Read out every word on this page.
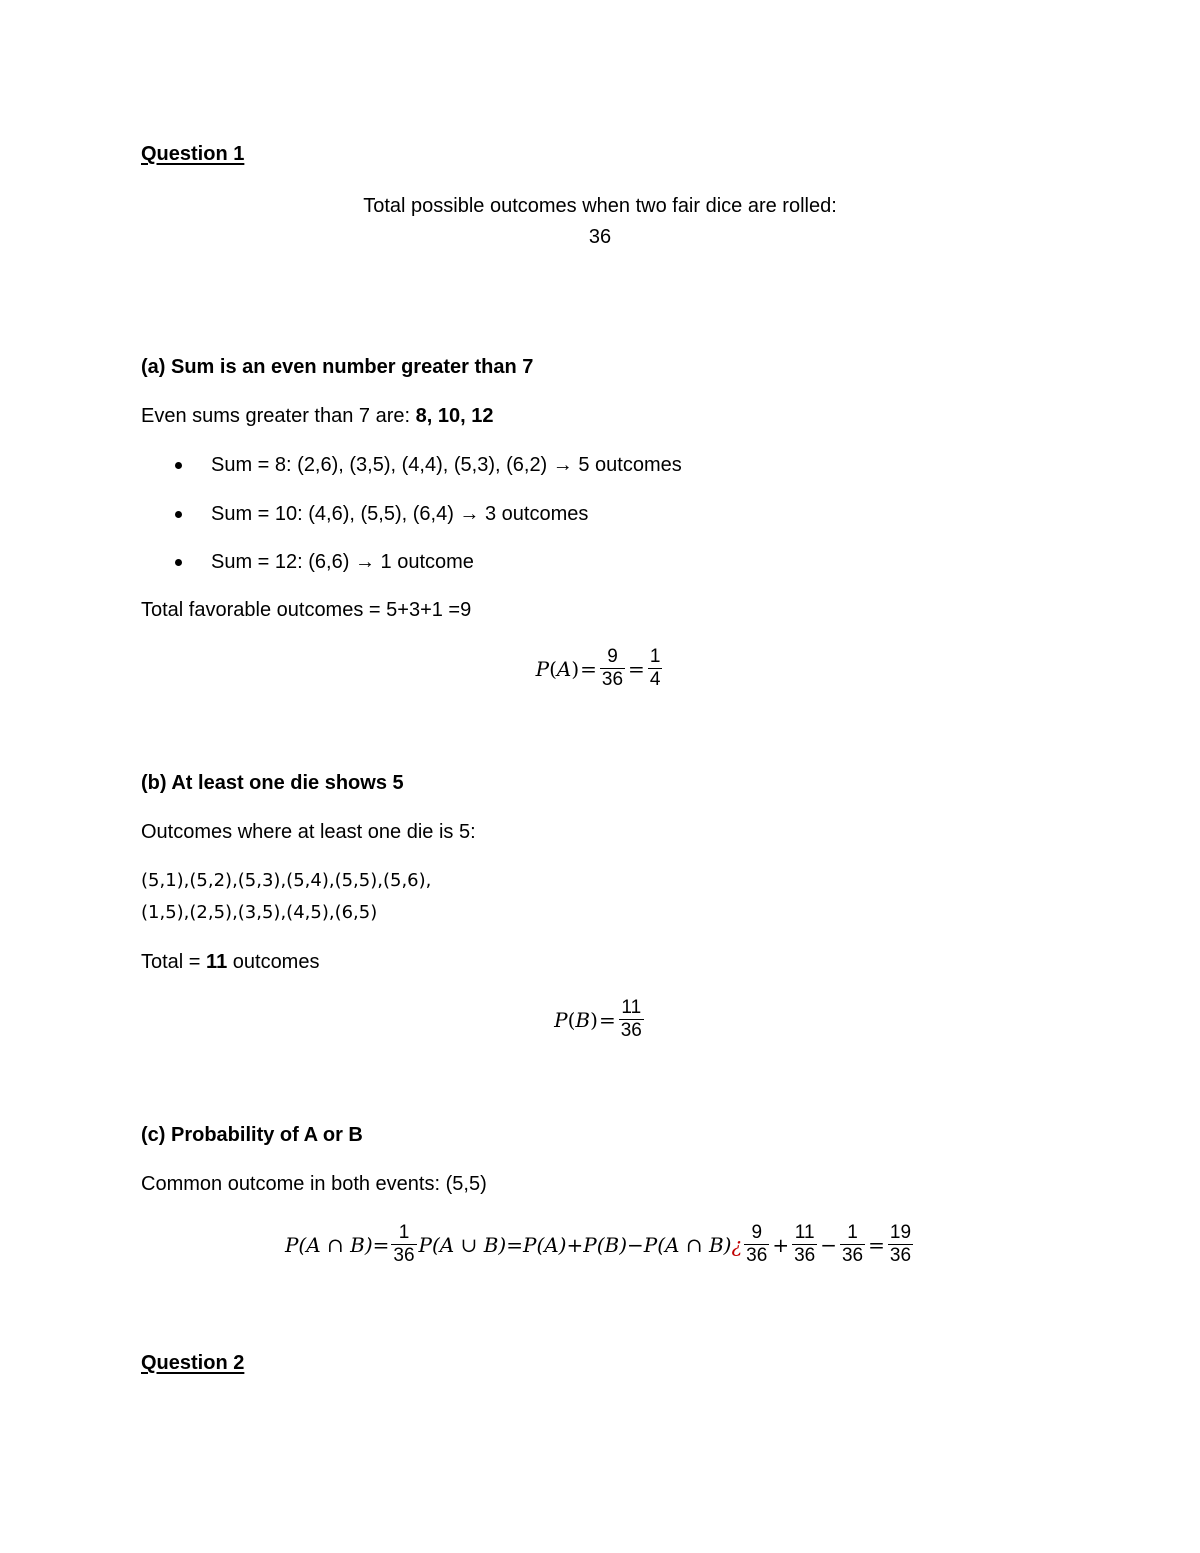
Question 1
Total possible outcomes when two fair dice are rolled:
36
(a) Sum is an even number greater than 7
Even sums greater than 7 are: 8, 10, 12
Sum = 8: (2,6), (3,5), (4,4), (5,3), (6,2) → 5 outcomes
Sum = 10: (4,6), (5,5), (6,4) → 3 outcomes
Sum = 12: (6,6) → 1 outcome
Total favorable outcomes = 5+3+1 =9
P ( A ) = $\frac{9}{36} = \frac{1}{4}$
(b) At least one die shows 5
Outcomes where at least one die is 5:
(5,1),(5,2),(5,3),(5,4),(5,5),(5,6),
(1,5),(2,5),(3,5),(4,5),(6,5)
Total = 11 outcomes
P ( B ) = $\frac{11}{36}$
(c) Probability of A or B
Common outcome in both events: (5,5)
P(A ∩ $B)= \frac{1}{36} P(A$ ∪ B)=P(A)+P(B)−P(A ∩ B) ¿ $\frac{9}{36} + \frac{11}{36} - \frac{1}{36} = \frac{19}{36}$
Question 2
